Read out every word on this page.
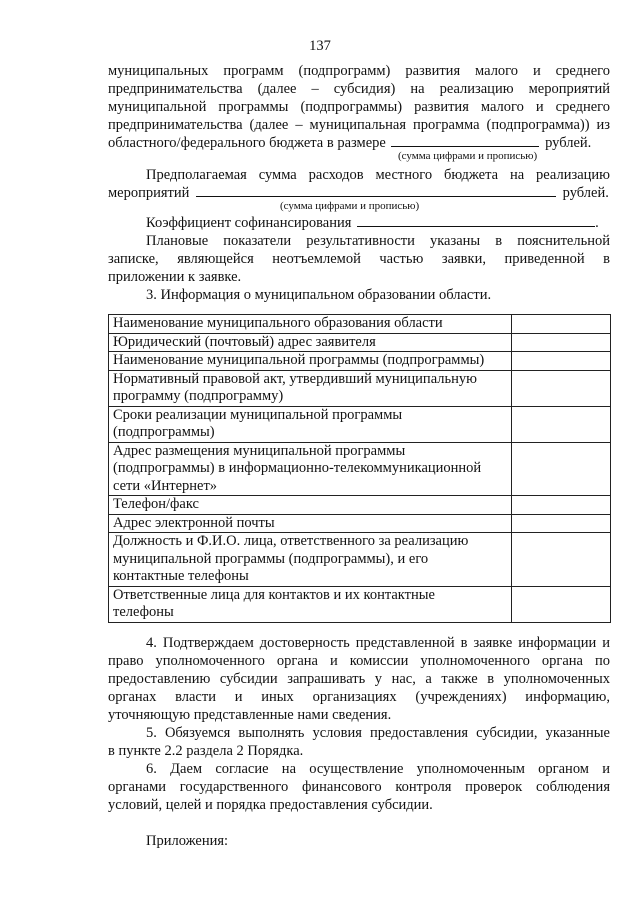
137
муниципальных программ (подпрограмм) развития малого и среднего
предпринимательства (далее – субсидия) на реализацию мероприятий
муниципальной программы (подпрограммы) развития малого и среднего
предпринимательства (далее – муниципальная программа (подпрограмма)) из
областного/федерального бюджета в размере	рублей.
(сумма цифрами и прописью)
Предполагаемая сумма расходов местного бюджета на реализацию
мероприятий	рублей.
(сумма цифрами и прописью)
Коэффициент софинансирования	.
Плановые показатели результативности указаны в пояснительной
записке, являющейся неотъемлемой частью заявки, приведенной в
приложении к заявке.
3. Информация о муниципальном образовании области.
Наименование муниципального образования области	

Юридический (почтовый) адрес заявителя	

Наименование муниципальной программы (подпрограммы)	

Нормативный правовой акт, утвердивший муниципальную
программу (подпрограмму)	

Сроки реализации муниципальной программы
(подпрограммы)	

Адрес размещения муниципальной программы
(подпрограммы) в информационно-телекоммуникационной
сети «Интернет»	

Телефон/факс	

Адрес электронной почты	

Должность и Ф.И.О. лица, ответственного за реализацию
муниципальной программы (подпрограммы), и его
контактные телефоны	

Ответственные лица для контактов и их контактные
телефоны	

4. Подтверждаем достоверность представленной в заявке информации и
право уполномоченного органа и комиссии уполномоченного органа по
предоставлению субсидии запрашивать у нас, а также в уполномоченных
органах власти и иных организациях (учреждениях) информацию,
уточняющую представленные нами сведения.
5. Обязуемся выполнять условия предоставления субсидии, указанные
в пункте 2.2 раздела 2 Порядка.
6. Даем согласие на осуществление уполномоченным органом и
органами государственного финансового контроля проверок соблюдения
условий, целей и порядка предоставления субсидии.
Приложения:
